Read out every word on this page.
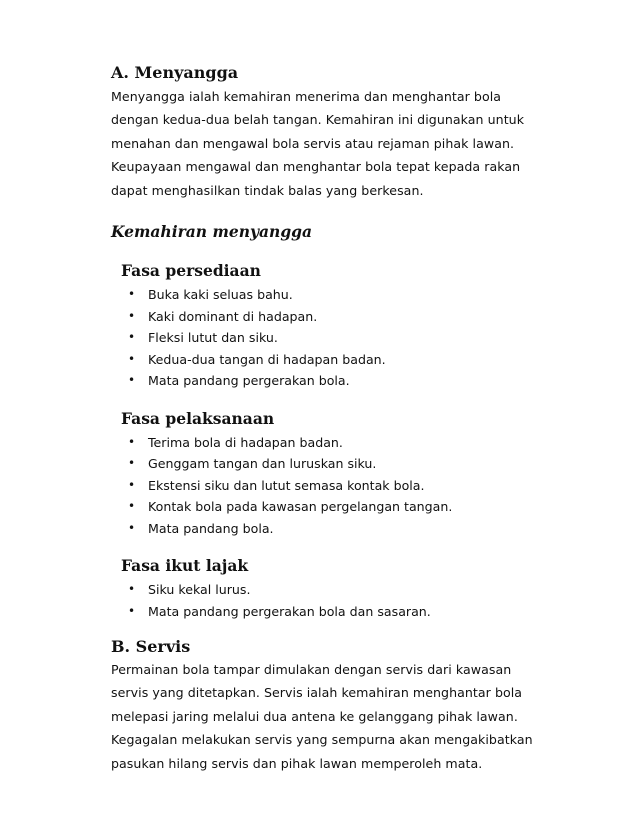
A. Menyangga
Menyangga ialah kemahiran menerima dan menghantar bola
dengan kedua-dua belah tangan. Kemahiran ini digunakan untuk
menahan dan mengawal bola servis atau rejaman pihak lawan.
Keupayaan mengawal dan menghantar bola tepat kepada rakan
dapat menghasilkan tindak balas yang berkesan.
Kemahiran menyangga
Fasa persediaan
• Buka kaki seluas bahu.
• Kaki dominant di hadapan.
• Fleksi lutut dan siku.
• Kedua-dua tangan di hadapan badan.
• Mata pandang pergerakan bola.
Fasa pelaksanaan
• Terima bola di hadapan badan.
• Genggam tangan dan luruskan siku.
• Ekstensi siku dan lutut semasa kontak bola.
• Kontak bola pada kawasan pergelangan tangan.
• Mata pandang bola.
Fasa ikut lajak
• Siku kekal lurus.
• Mata pandang pergerakan bola dan sasaran.
B. Servis
Permainan bola tampar dimulakan dengan servis dari kawasan
servis yang ditetapkan. Servis ialah kemahiran menghantar bola
melepasi jaring melalui dua antena ke gelanggang pihak lawan.
Kegagalan melakukan servis yang sempurna akan mengakibatkan
pasukan hilang servis dan pihak lawan memperoleh mata.
